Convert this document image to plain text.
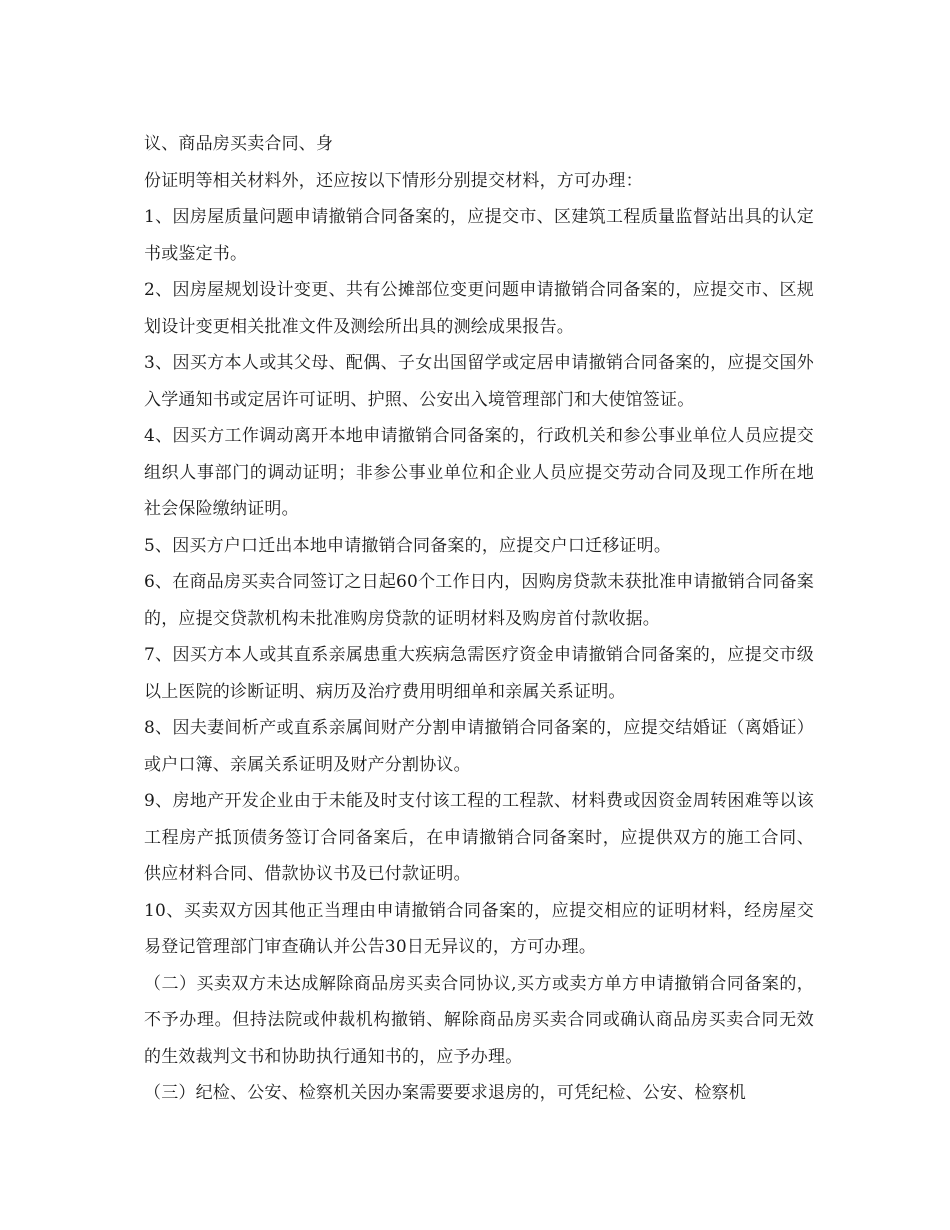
议、商品房买卖合同、身

份证明等相关材料外，还应按以下情形分别提交材料，方可办理：

1、因房屋质量问题申请撤销合同备案的，应提交市、区建筑工程质量监督站出具的认定书或鉴定书。

2、因房屋规划设计变更、共有公摊部位变更问题申请撤销合同备案的，应提交市、区规划设计变更相关批准文件及测绘所出具的测绘成果报告。

3、因买方本人或其父母、配偶、子女出国留学或定居申请撤销合同备案的，应提交国外入学通知书或定居许可证明、护照、公安出入境管理部门和大使馆签证。

4、因买方工作调动离开本地申请撤销合同备案的，行政机关和参公事业单位人员应提交组织人事部门的调动证明；非参公事业单位和企业人员应提交劳动合同及现工作所在地社会保险缴纳证明。

5、因买方户口迁出本地申请撤销合同备案的，应提交户口迁移证明。

6、在商品房买卖合同签订之日起60个工作日内，因购房贷款未获批准申请撤销合同备案的，应提交贷款机构未批准购房贷款的证明材料及购房首付款收据。

7、因买方本人或其直系亲属患重大疾病急需医疗资金申请撤销合同备案的，应提交市级以上医院的诊断证明、病历及治疗费用明细单和亲属关系证明。

8、因夫妻间析产或直系亲属间财产分割申请撤销合同备案的，应提交结婚证（离婚证）或户口簿、亲属关系证明及财产分割协议。

9、房地产开发企业由于未能及时支付该工程的工程款、材料费或因资金周转困难等以该工程房产抵顶债务签订合同备案后，在申请撤销合同备案时，应提供双方的施工合同、供应材料合同、借款协议书及已付款证明。

10、买卖双方因其他正当理由申请撤销合同备案的，应提交相应的证明材料，经房屋交易登记管理部门审查确认并公告30日无异议的，方可办理。

（二）买卖双方未达成解除商品房买卖合同协议,买方或卖方单方申请撤销合同备案的，不予办理。但持法院或仲裁机构撤销、解除商品房买卖合同或确认商品房买卖合同无效的生效裁判文书和协助执行通知书的，应予办理。

（三）纪检、公安、检察机关因办案需要要求退房的，可凭纪检、公安、检察机
